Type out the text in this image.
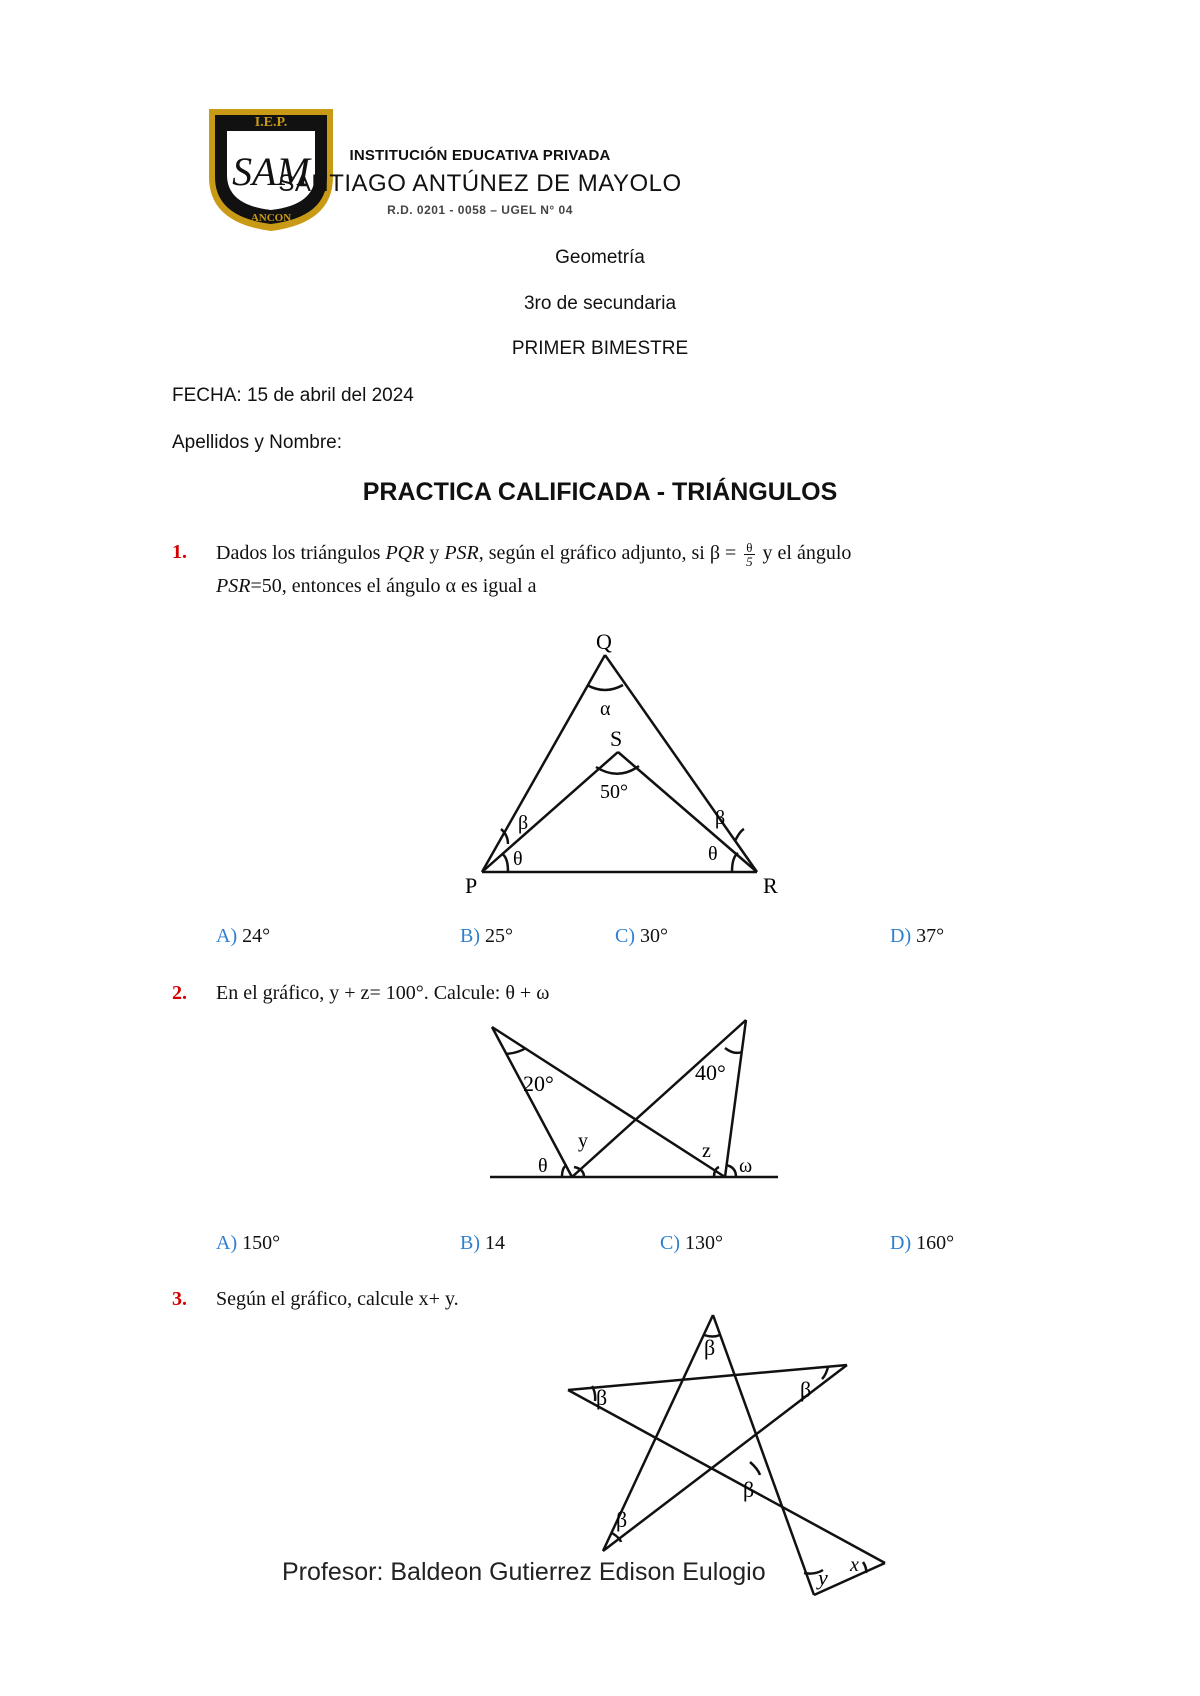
I.E.P.
ANCON
SAM	INSTITUCIÓN EDUCATIVA PRIVADA
SANTIAGO ANTÚNEZ DE MAYOLO
R.D. 0201 - 0058 – UGEL N° 04
Geometría
3ro de secundaria
PRIMER BIMESTRE
FECHA: 15 de abril del 2024
Apellidos y Nombre:
PRACTICA CALIFICADA - TRIÁNGULOS
1. Dados los triángulos PQR y PSR, según el gráfico adjunto, si $\beta = \frac{\theta}{5}$ y el ángulo
PSR=50, entonces el ángulo α es igual a
Q
α
S
50°
β	β
θ	θ
P	R
A) 24°	B) 25°	C) 30°	D) 37°
2. En el gráfico, y + z= 100°. Calcule: θ + ω
20°	40°
y	z
θ	ω
A) 150°	B) 14	C) 130°	D) 160°
3. Según el gráfico, calcule x+ y.
β
β	β
β
β
x
y
Profesor: Baldeon Gutierrez Edison Eulogio
